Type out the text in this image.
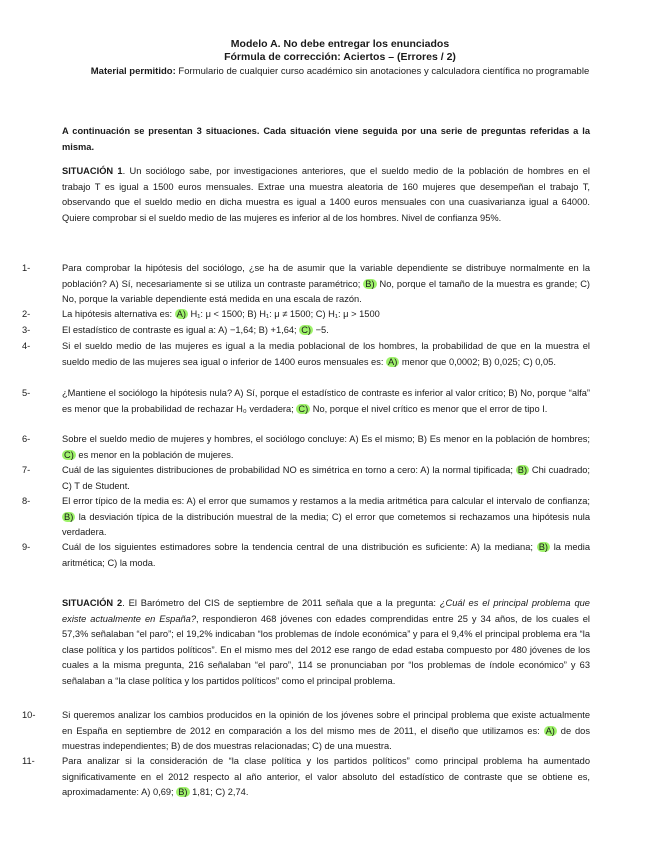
Modelo A. No debe entregar los enunciados
Fórmula de corrección: Aciertos – (Errores / 2)
Material permitido: Formulario de cualquier curso académico sin anotaciones y calculadora científica no programable
A continuación se presentan 3 situaciones. Cada situación viene seguida por una serie de preguntas referidas a la misma.
SITUACIÓN 1. Un sociólogo sabe, por investigaciones anteriores, que el sueldo medio de la población de hombres en el trabajo T es igual a 1500 euros mensuales. Extrae una muestra aleatoria de 160 mujeres que desempeñan el trabajo T, observando que el sueldo medio en dicha muestra es igual a 1400 euros mensuales con una cuasivarianza igual a 64000. Quiere comprobar si el sueldo medio de las mujeres es inferior al de los hombres. Nivel de confianza 95%.
1-	Para comprobar la hipótesis del sociólogo, ¿se ha de asumir que la variable dependiente se distribuye normalmente en la población? A) Sí, necesariamente si se utiliza un contraste paramétrico; B) No, porque el tamaño de la muestra es grande; C) No, porque la variable dependiente está medida en una escala de razón.
2-	La hipótesis alternativa es: A) H₁: μ < 1500; B) H₁: μ ≠ 1500; C) H₁: μ > 1500
3-	El estadístico de contraste es igual a: A) −1,64; B) +1,64; C) −5.
4-	Si el sueldo medio de las mujeres es igual a la media poblacional de los hombres, la probabilidad de que en la muestra el sueldo medio de las mujeres sea igual o inferior de 1400 euros mensuales es: A) menor que 0,0002; B) 0,025; C) 0,05.
5-	¿Mantiene el sociólogo la hipótesis nula? A) Sí, porque el estadístico de contraste es inferior al valor crítico; B) No, porque “alfa” es menor que la probabilidad de rechazar H₀ verdadera; C) No, porque el nivel crítico es menor que el error de tipo I.
6-	Sobre el sueldo medio de mujeres y hombres, el sociólogo concluye: A) Es el mismo; B) Es menor en la población de hombres; C) es menor en la población de mujeres.
7-	Cuál de las siguientes distribuciones de probabilidad NO es simétrica en torno a cero: A) la normal tipificada; B) Chi cuadrado; C) T de Student.
8-	El error típico de la media es: A) el error que sumamos y restamos a la media aritmética para calcular el intervalo de confianza; B) la desviación típica de la distribución muestral de la media; C) el error que cometemos si rechazamos una hipótesis nula verdadera.
9-	Cuál de los siguientes estimadores sobre la tendencia central de una distribución es suficiente: A) la mediana; B) la media aritmética; C) la moda.
SITUACIÓN 2. El Barómetro del CIS de septiembre de 2011 señala que a la pregunta: ¿Cuál es el principal problema que existe actualmente en España?, respondieron 468 jóvenes con edades comprendidas entre 25 y 34 años, de los cuales el 57,3% señalaban “el paro”; el 19,2% indicaban “los problemas de índole económica” y para el 9,4% el principal problema era “la clase política y los partidos políticos”. En el mismo mes del 2012 ese rango de edad estaba compuesto por 480 jóvenes de los cuales a la misma pregunta, 216 señalaban “el paro”, 114 se pronunciaban por “los problemas de índole económico” y 63 señalaban a “la clase política y los partidos políticos” como el principal problema.
10-	Si queremos analizar los cambios producidos en la opinión de los jóvenes sobre el principal problema que existe actualmente en España en septiembre de 2012 en comparación a los del mismo mes de 2011, el diseño que utilizamos es: A) de dos muestras independientes; B) de dos muestras relacionadas; C) de una muestra.
11-	Para analizar si la consideración de “la clase política y los partidos políticos” como principal problema ha aumentado significativamente en el 2012 respecto al año anterior, el valor absoluto del estadístico de contraste que se obtiene es, aproximadamente: A) 0,69; B) 1,81; C) 2,74.
